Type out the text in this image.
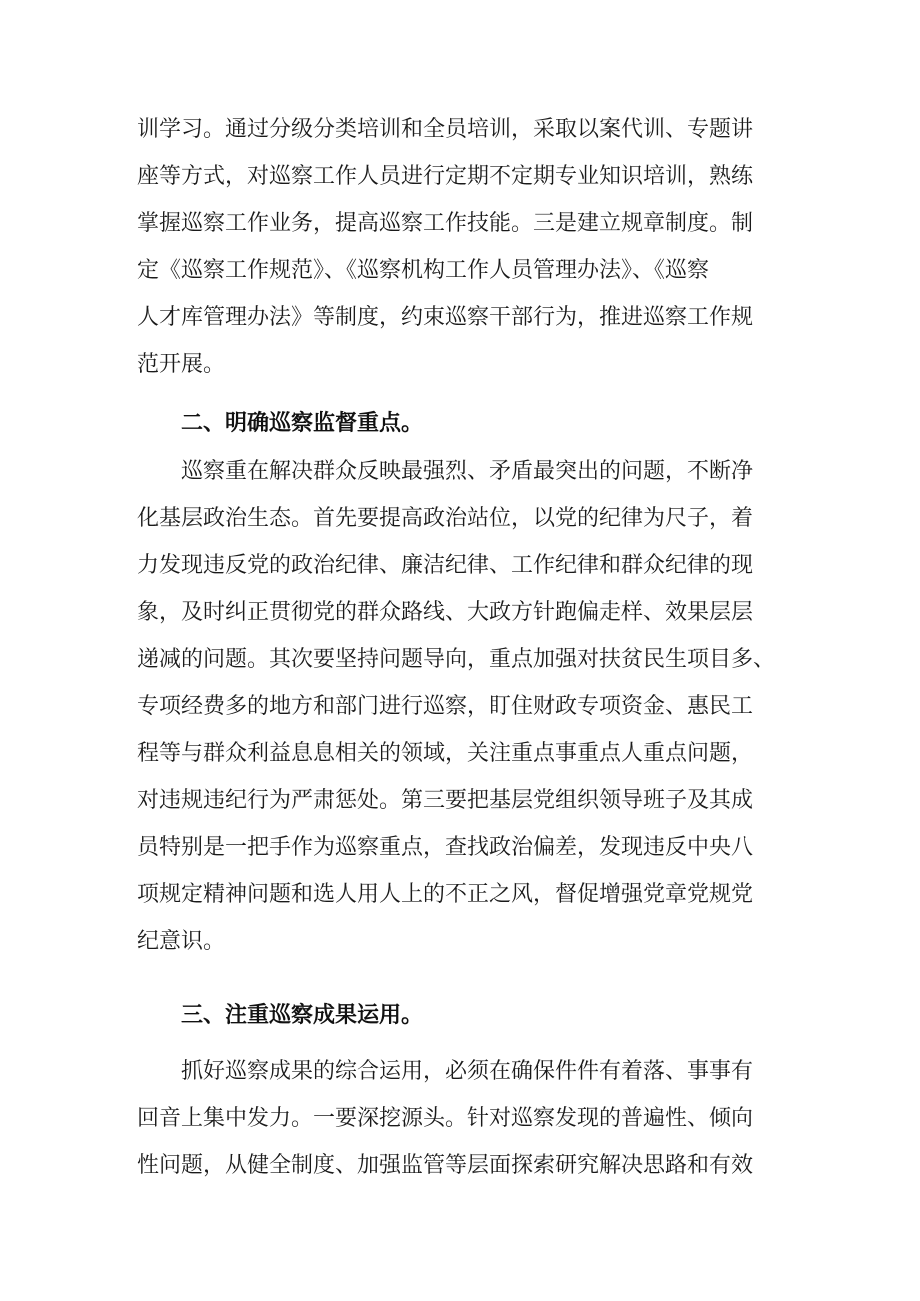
训学习。通过分级分类培训和全员培训，采取以案代训、专题讲
座等方式，对巡察工作人员进行定期不定期专业知识培训，熟练
掌握巡察工作业务，提高巡察工作技能。三是建立规章制度。制
定《巡察工作规范》、《巡察机构工作人员管理办法》、《巡察
人才库管理办法》等制度，约束巡察干部行为，推进巡察工作规
范开展。
二、明确巡察监督重点。
巡察重在解决群众反映最强烈、矛盾最突出的问题，不断净
化基层政治生态。首先要提高政治站位，以党的纪律为尺子，着
力发现违反党的政治纪律、廉洁纪律、工作纪律和群众纪律的现
象，及时纠正贯彻党的群众路线、大政方针跑偏走样、效果层层
递减的问题。其次要坚持问题导向，重点加强对扶贫民生项目多、
专项经费多的地方和部门进行巡察，盯住财政专项资金、惠民工
程等与群众利益息息相关的领域，关注重点事重点人重点问题，
对违规违纪行为严肃惩处。第三要把基层党组织领导班子及其成
员特别是一把手作为巡察重点，查找政治偏差，发现违反中央八
项规定精神问题和选人用人上的不正之风，督促增强党章党规党
纪意识。
三、注重巡察成果运用。
抓好巡察成果的综合运用，必须在确保件件有着落、事事有
回音上集中发力。一要深挖源头。针对巡察发现的普遍性、倾向
性问题，从健全制度、加强监管等层面探索研究解决思路和有效
